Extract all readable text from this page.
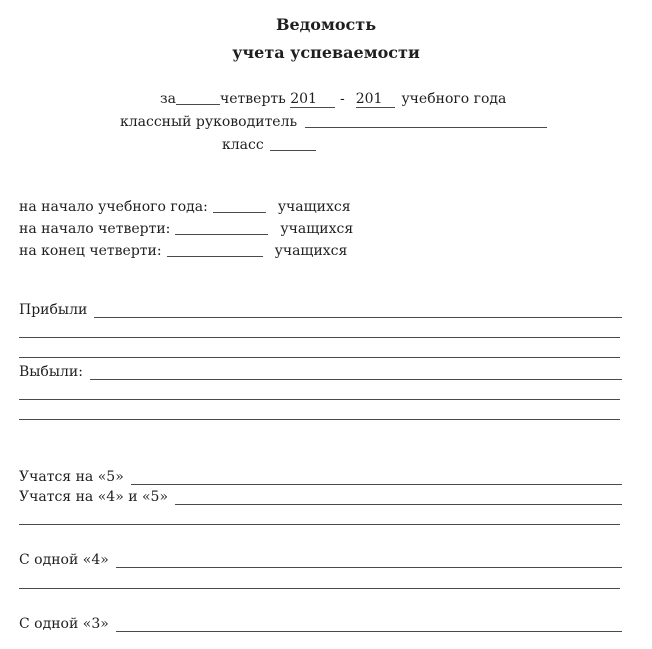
Ведомость
учета успеваемости
за	четверть 201 - 201 учебного года
классный руководитель
класс
на начало учебного года:	учащихся
на начало четверти:	учащихся
на конец четверти:	учащихся
Прибыли
Выбыли:
Учатся на «5»
Учатся на «4» и «5»
С одной «4»
С одной «3»
